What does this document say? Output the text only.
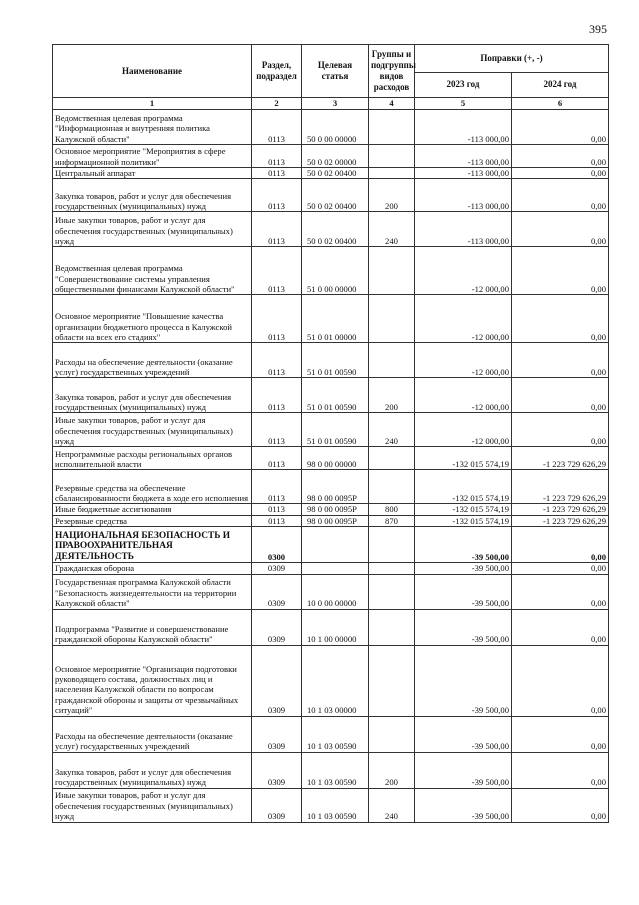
395
Наименование	Раздел, подраздел	Целевая статья	Группы и подгруппы видов расходов	Поправки (+, -)	
				2023 год	2024 год
1	2	3	4	5	6
Ведомственная целевая программа "Информационная и внутренняя политика Калужской области"	0113	50 0 00 00000		-113 000,00	0,00
Основное мероприятие "Мероприятия в сфере информационной политики"	0113	50 0 02 00000		-113 000,00	0,00
Центральный аппарат	0113	50 0 02 00400		-113 000,00	0,00
Закупка товаров, работ и услуг для обеспечения государственных (муниципальных) нужд	0113	50 0 02 00400	200	-113 000,00	0,00
Иные закупки товаров, работ и услуг для обеспечения государственных (муниципальных) нужд	0113	50 0 02 00400	240	-113 000,00	0,00
Ведомственная целевая программа "Совершенствование системы управления общественными финансами Калужской области"	0113	51 0 00 00000		-12 000,00	0,00
Основное мероприятие "Повышение качества организации бюджетного процесса в Калужской области на всех его стадиях"	0113	51 0 01 00000		-12 000,00	0,00
Расходы на обеспечение деятельности (оказание услуг) государственных учреждений	0113	51 0 01 00590		-12 000,00	0,00
Закупка товаров, работ и услуг для обеспечения государственных (муниципальных) нужд	0113	51 0 01 00590	200	-12 000,00	0,00
Иные закупки товаров, работ и услуг для обеспечения государственных (муниципальных) нужд	0113	51 0 01 00590	240	-12 000,00	0,00
Непрограммные расходы региональных органов исполнительной власти	0113	98 0 00 00000		-132 015 574,19	-1 223 729 626,29
Резервные средства на обеспечение сбалансированности бюджета в ходе его исполнения	0113	98 0 00 0095Р		-132 015 574,19	-1 223 729 626,29
Иные бюджетные ассигнования	0113	98 0 00 0095Р	800	-132 015 574,19	-1 223 729 626,29
Резервные средства	0113	98 0 00 0095Р	870	-132 015 574,19	-1 223 729 626,29
НАЦИОНАЛЬНАЯ БЕЗОПАСНОСТЬ И ПРАВООХРАНИТЕЛЬНАЯ ДЕЯТЕЛЬНОСТЬ	0300			-39 500,00	0,00
Гражданская оборона	0309			-39 500,00	0,00
Государственная программа Калужской области "Безопасность жизнедеятельности на территории Калужской области"	0309	10 0 00 00000		-39 500,00	0,00
Подпрограмма "Развитие и совершенствование гражданской обороны Калужской области"	0309	10 1 00 00000		-39 500,00	0,00
Основное мероприятие "Организация подготовки руководящего состава, должностных лиц и населения Калужской области по вопросам гражданской обороны и защиты от чрезвычайных ситуаций"	0309	10 1 03 00000		-39 500,00	0,00
Расходы на обеспечение деятельности (оказание услуг) государственных учреждений	0309	10 1 03 00590		-39 500,00	0,00
Закупка товаров, работ и услуг для обеспечения государственных (муниципальных) нужд	0309	10 1 03 00590	200	-39 500,00	0,00
Иные закупки товаров, работ и услуг для обеспечения государственных (муниципальных) нужд	0309	10 1 03 00590	240	-39 500,00	0,00
